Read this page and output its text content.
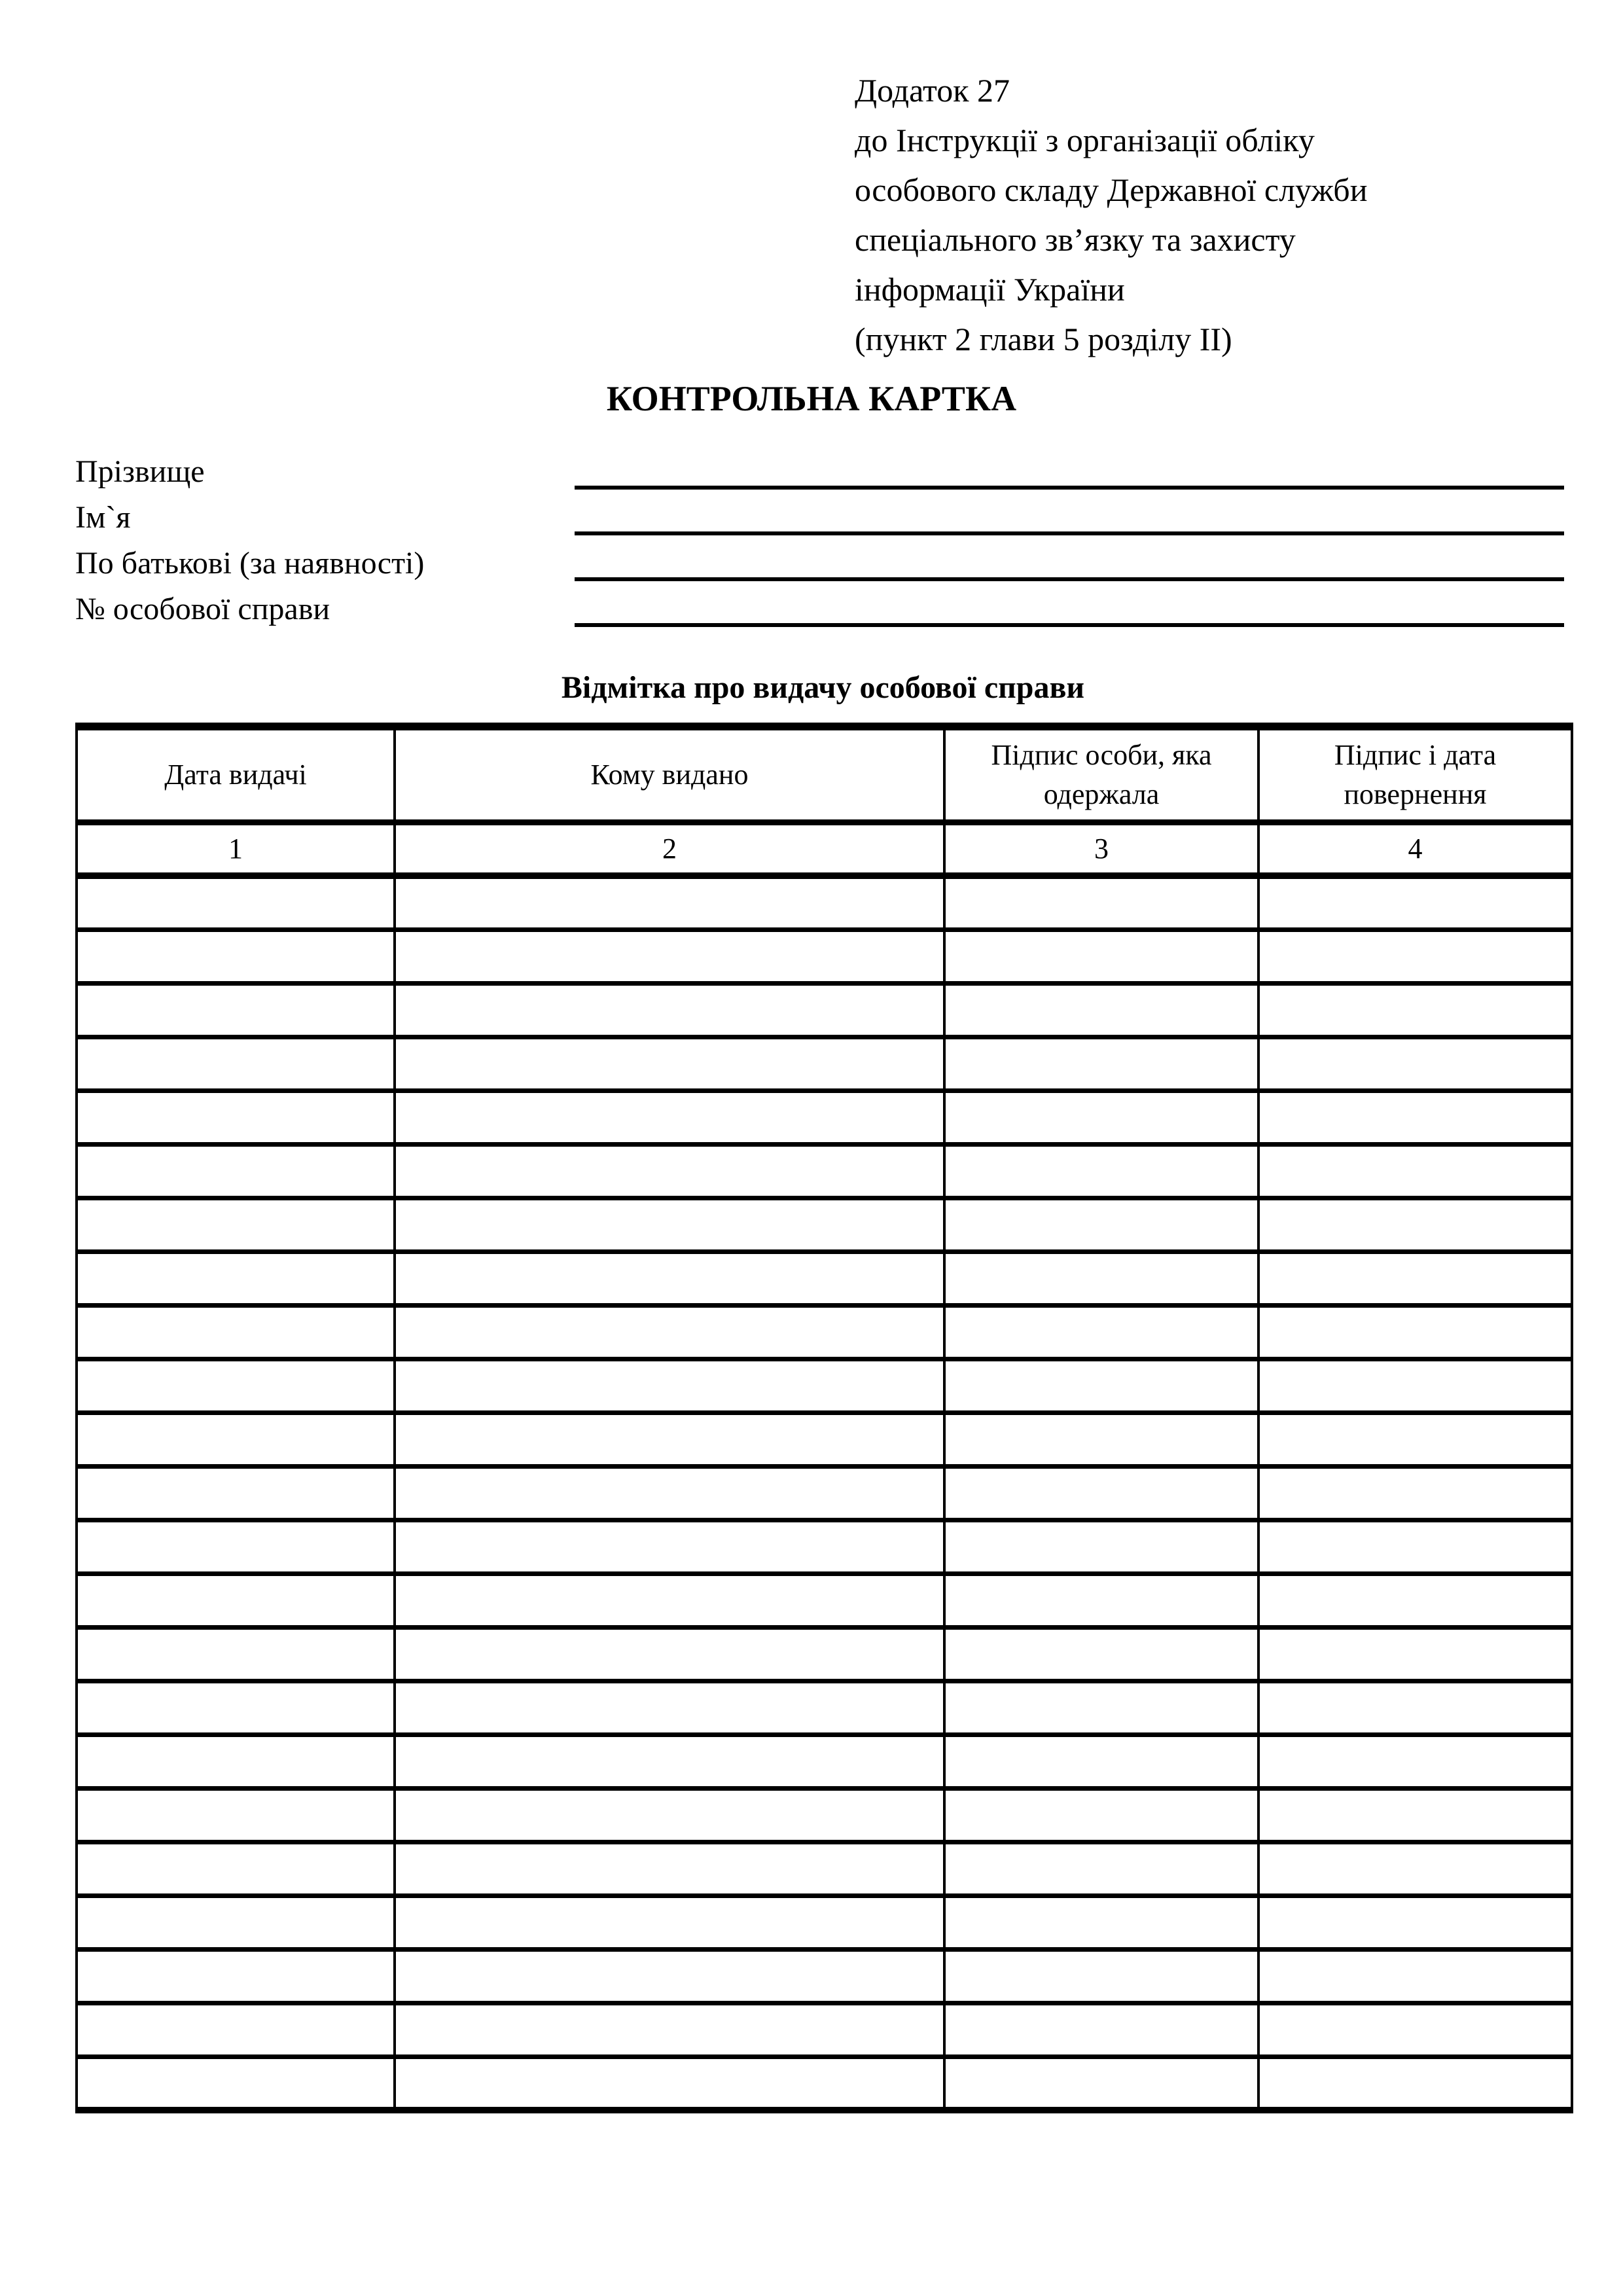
Додаток 27
до Інструкції з організації обліку
особового складу Державної служби
спеціального зв’язку та захисту
інформації України
(пункт 2 глави 5 розділу ІІ)
КОНТРОЛЬНА КАРТКА
Прізвище
Ім`я
По батькові (за наявності)
№ особової справи
Відмітка про видачу особової справи
Дата видачі	Кому видано	Підпис особи, яка одержала	Підпис і дата повернення
1	2	3	4
